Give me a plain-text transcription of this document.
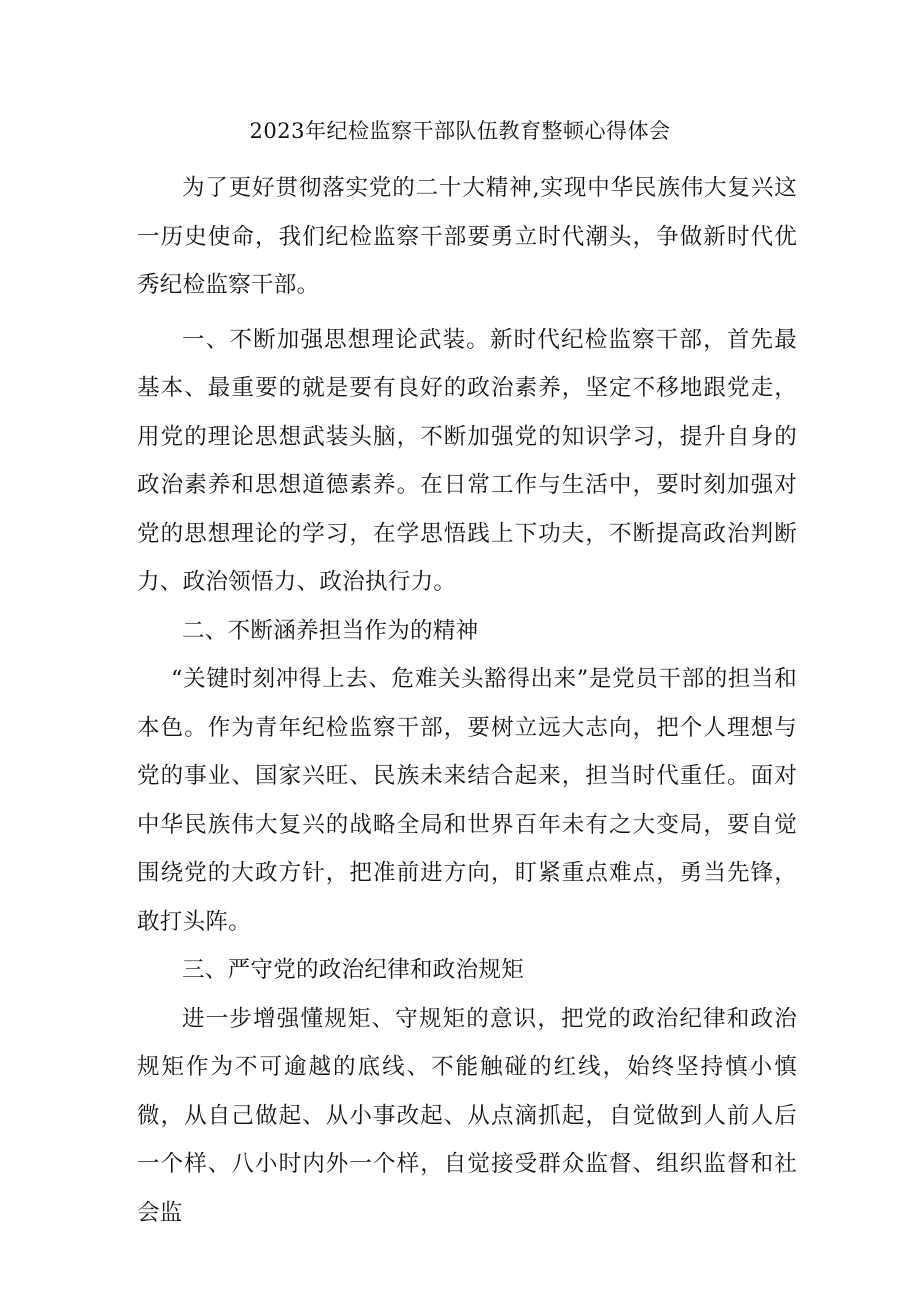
2023年纪检监察干部队伍教育整顿心得体会

为了更好贯彻落实党的二十大精神,实现中华民族伟大复兴这一历史使命，我们纪检监察干部要勇立时代潮头，争做新时代优秀纪检监察干部。

一、不断加强思想理论武装。新时代纪检监察干部，首先最基本、最重要的就是要有良好的政治素养，坚定不移地跟党走，用党的理论思想武装头脑，不断加强党的知识学习，提升自身的政治素养和思想道德素养。在日常工作与生活中，要时刻加强对党的思想理论的学习，在学思悟践上下功夫，不断提高政治判断力、政治领悟力、政治执行力。

二、不断涵养担当作为的精神

“关键时刻冲得上去、危难关头豁得出来”是党员干部的担当和本色。作为青年纪检监察干部，要树立远大志向，把个人理想与党的事业、国家兴旺、民族未来结合起来，担当时代重任。面对中华民族伟大复兴的战略全局和世界百年未有之大变局，要自觉围绕党的大政方针，把准前进方向，盯紧重点难点，勇当先锋，敢打头阵。

三、严守党的政治纪律和政治规矩

进一步增强懂规矩、守规矩的意识，把党的政治纪律和政治规矩作为不可逾越的底线、不能触碰的红线，始终坚持慎小慎微，从自己做起、从小事改起、从点滴抓起，自觉做到人前人后一个样、八小时内外一个样，自觉接受群众监督、组织监督和社会监
